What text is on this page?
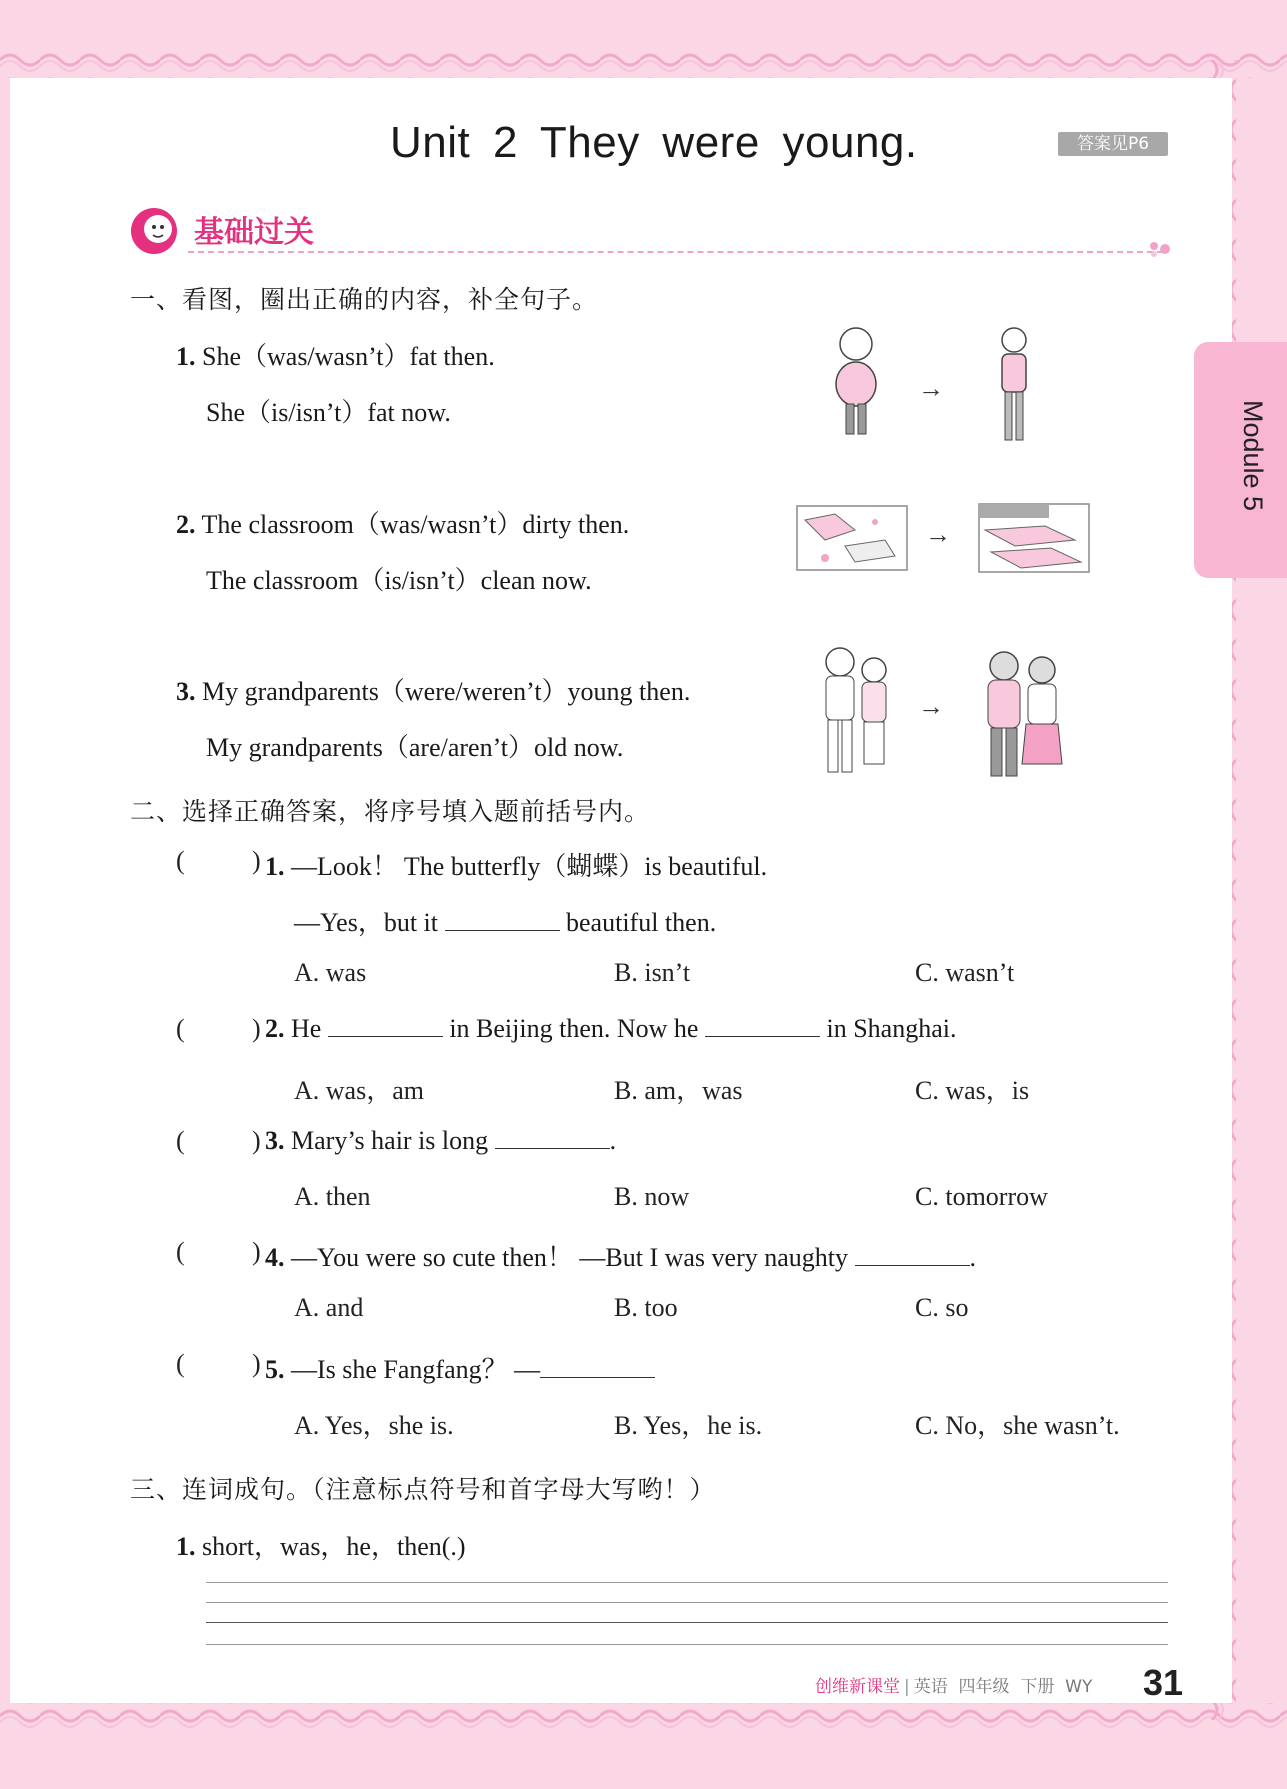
Unit 2 They were young.	答案见P6
基础过关
Module 5
一、看图，圈出正确的内容，补全句子。
1. She（was/wasn’t）fat then.
She（is/isn’t）fat now.
2. The classroom（was/wasn’t）dirty then.
The classroom（is/isn’t）clean now.
3. My grandparents（were/weren’t）young then.
My grandparents（are/aren’t）old now.
→
→
→
二、选择正确答案，将序号填入题前括号内。
(	) 1. —Look！ The butterfly（蝴蝶）is beautiful.
—Yes，but it	beautiful then.
A. was	B. isn’t	C. wasn’t
(	) 2. He	in Beijing then. Now he	in Shanghai.
A. was，am	B. am，was	C. was，is
(	) 3. Mary’s hair is long	.
A. then	B. now	C. tomorrow
(	) 4. —You were so cute then！ —But I was very naughty	.
A. and	B. too	C. so
(	) 5. —Is she Fangfang？ —
A. Yes，she is.	B. Yes，he is.	C. No，she wasn’t.
三、连词成句。（注意标点符号和首字母大写哟！）
1. short，was，he，then(.)
创维新课堂 | 英语 四年级 下册 WY 31
